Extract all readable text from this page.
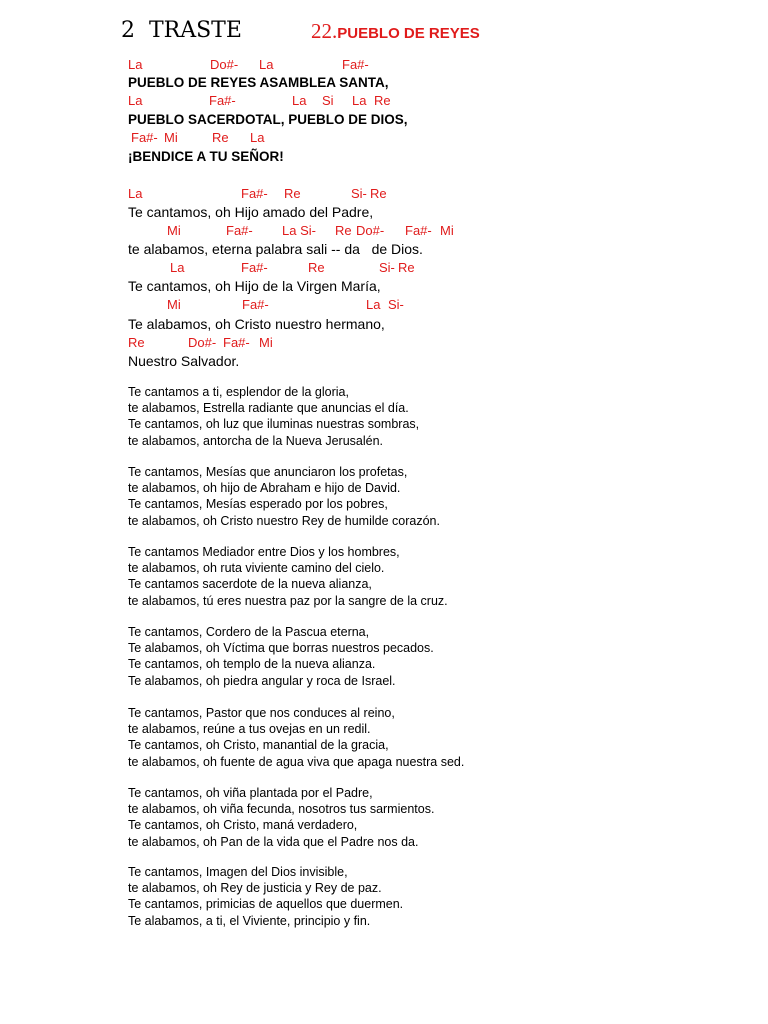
2  TRASTE	22.PUEBLO DE REYES

La

	Do#-

La

	Fa#-

PUEBLO DE REYES ASAMBLEA SANTA,

La

	Fa#-

	La

Si

La

Re

PUEBLO SACERDOTAL, PUEBLO DE DIOS,

Fa#-

Mi

	Re

La

¡BENDICE A TU SEÑOR!

La

	Fa#-

Re

	Si-

Re

Te cantamos, oh Hijo amado del Padre,

Mi

	Fa#-

La Si-

Re

Do#-

Fa#-

Mi

te alabamos, eterna palabra sali -- da   de Dios.

La

	Fa#-

	Re

	Si-

Re

Te cantamos, oh Hijo de la Virgen María,

Mi

	Fa#-

	La

Si-

Te alabamos, oh Cristo nuestro hermano,

Re

	Do#-

Fa#-

Mi

Nuestro Salvador.
Te cantamos a ti, esplendor de la gloria,
te alabamos, Estrella radiante que anuncias el día.
Te cantamos, oh luz que iluminas nuestras sombras,
te alabamos, antorcha de la Nueva Jerusalén.
Te cantamos, Mesías que anunciaron los profetas,
te alabamos, oh hijo de Abraham e hijo de David.
Te cantamos, Mesías esperado por los pobres,
te alabamos, oh Cristo nuestro Rey de humilde corazón.
Te cantamos Mediador entre Dios y los hombres,
te alabamos, oh ruta viviente camino del cielo.
Te cantamos sacerdote de la nueva alianza,
te alabamos, tú eres nuestra paz por la sangre de la cruz.
Te cantamos, Cordero de la Pascua eterna,
Te alabamos, oh Víctima que borras nuestros pecados.
Te cantamos, oh templo de la nueva alianza.
Te alabamos, oh piedra angular y roca de Israel.
Te cantamos, Pastor que nos conduces al reino,
te alabamos, reúne a tus ovejas en un redil.
Te cantamos, oh Cristo, manantial de la gracia,
te alabamos, oh fuente de agua viva que apaga nuestra sed.
Te cantamos, oh viña plantada por el Padre,
te alabamos, oh viña fecunda, nosotros tus sarmientos.
Te cantamos, oh Cristo, maná verdadero,
te alabamos, oh Pan de la vida que el Padre nos da.
Te cantamos, Imagen del Dios invisible,
te alabamos, oh Rey de justicia y Rey de paz.
Te cantamos, primicias de aquellos que duermen.
Te alabamos, a ti, el Viviente, principio y fin.
